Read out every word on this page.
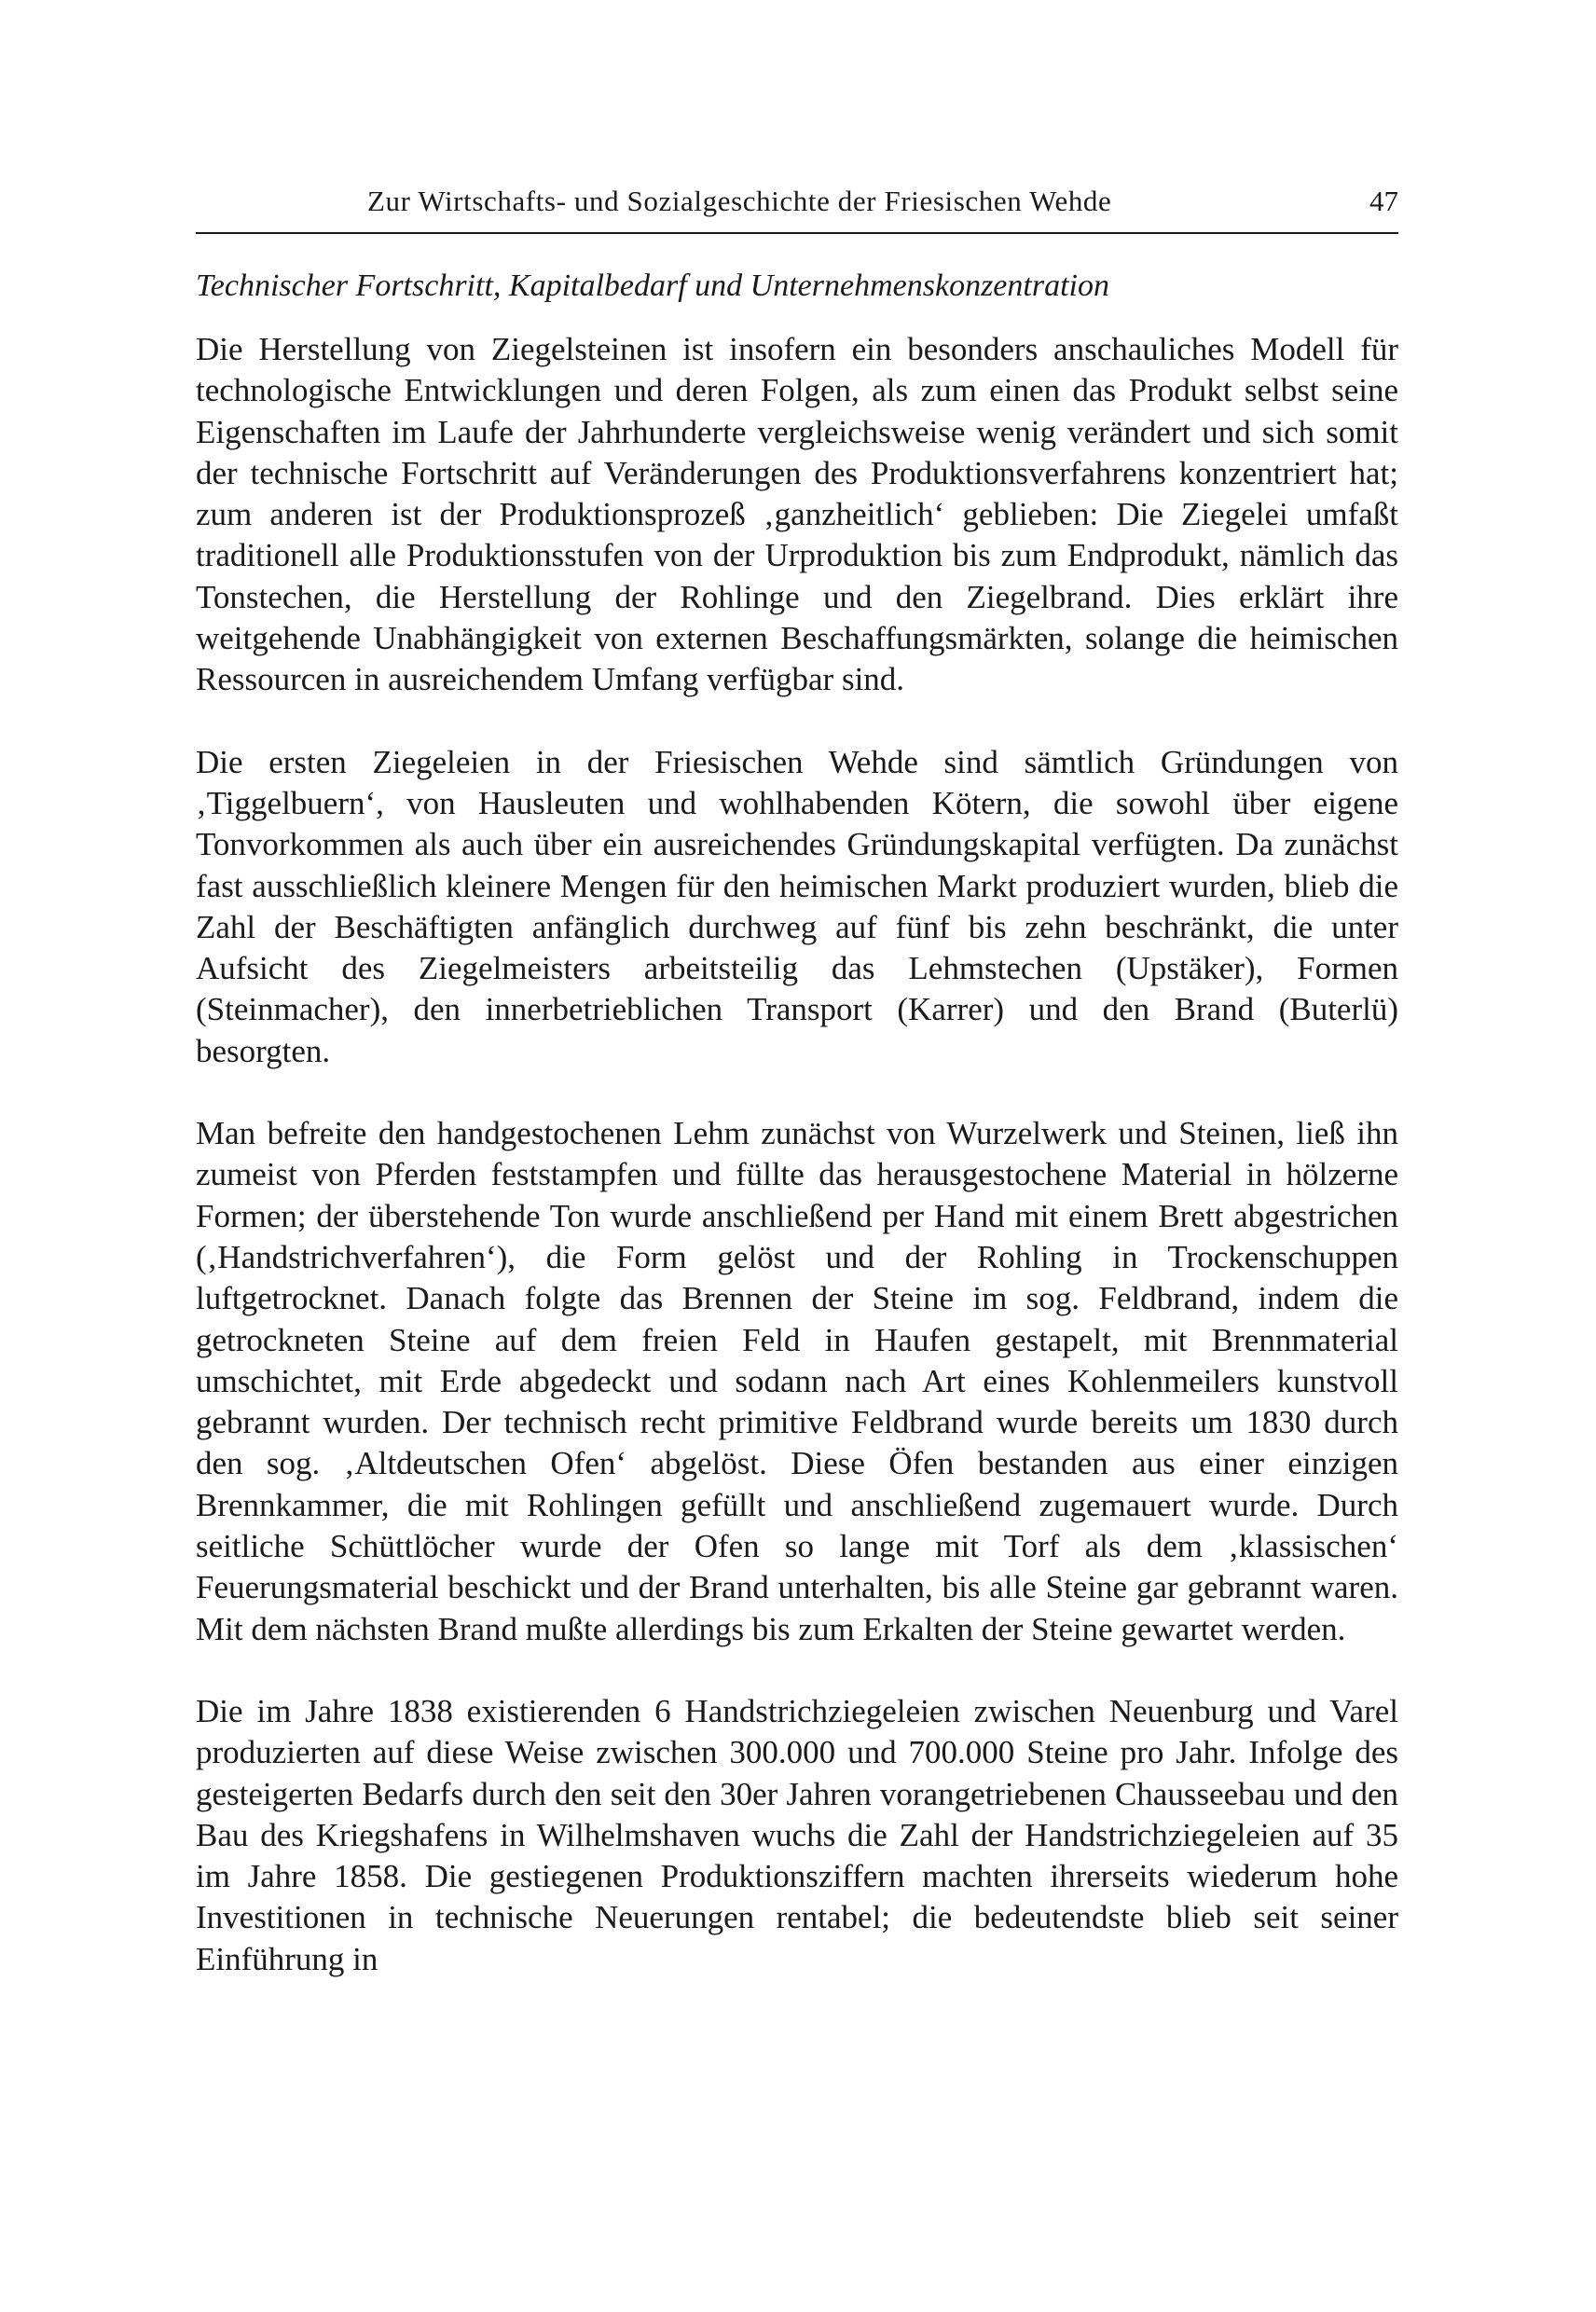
Zur Wirtschafts- und Sozialgeschichte der Friesischen Wehde	47
Technischer Fortschritt, Kapitalbedarf und Unternehmenskonzentration

Die Herstellung von Ziegelsteinen ist insofern ein besonders anschauliches Modell für technologische Entwicklungen und deren Folgen, als zum einen das Produkt selbst seine Eigenschaften im Laufe der Jahrhunderte vergleichsweise wenig verändert und sich somit der technische Fortschritt auf Veränderungen des Produktionsverfahrens konzentriert hat; zum anderen ist der Produktionsprozeß ‚ganzheitlich‘ geblieben: Die Ziegelei umfaßt traditionell alle Produktionsstufen von der Urproduktion bis zum Endprodukt, nämlich das Tonstechen, die Herstellung der Rohlinge und den Ziegelbrand. Dies erklärt ihre weitgehende Unabhängigkeit von externen Beschaffungsmärkten, solange die heimischen Ressourcen in ausreichendem Umfang verfügbar sind.

Die ersten Ziegeleien in der Friesischen Wehde sind sämtlich Gründungen von ‚Tiggelbuern‘, von Hausleuten und wohlhabenden Kötern, die sowohl über eigene Tonvorkommen als auch über ein ausreichendes Gründungskapital verfügten. Da zunächst fast ausschließlich kleinere Mengen für den heimischen Markt produziert wurden, blieb die Zahl der Beschäftigten anfänglich durchweg auf fünf bis zehn beschränkt, die unter Aufsicht des Ziegelmeisters arbeitsteilig das Lehmstechen (Upstäker), Formen (Steinmacher), den innerbetrieblichen Transport (Karrer) und den Brand (Buterlü) besorgten.

Man befreite den handgestochenen Lehm zunächst von Wurzelwerk und Steinen, ließ ihn zumeist von Pferden feststampfen und füllte das herausgestochene Material in hölzerne Formen; der überstehende Ton wurde anschließend per Hand mit einem Brett abgestrichen (‚Handstrichverfahren‘), die Form gelöst und der Rohling in Trockenschuppen luftgetrocknet. Danach folgte das Brennen der Steine im sog. Feldbrand, indem die getrockneten Steine auf dem freien Feld in Haufen gestapelt, mit Brennmaterial umschichtet, mit Erde abgedeckt und sodann nach Art eines Kohlenmeilers kunstvoll gebrannt wurden. Der technisch recht primitive Feldbrand wurde bereits um 1830 durch den sog. ‚Altdeutschen Ofen‘ abgelöst. Diese Öfen bestanden aus einer einzigen Brennkammer, die mit Rohlingen gefüllt und anschließend zugemauert wurde. Durch seitliche Schüttlöcher wurde der Ofen so lange mit Torf als dem ‚klassischen‘ Feuerungsmaterial beschickt und der Brand unterhalten, bis alle Steine gar gebrannt waren. Mit dem nächsten Brand mußte allerdings bis zum Erkalten der Steine gewartet werden.

Die im Jahre 1838 existierenden 6 Handstrichziegeleien zwischen Neuenburg und Varel produzierten auf diese Weise zwischen 300.000 und 700.000 Steine pro Jahr. Infolge des gesteigerten Bedarfs durch den seit den 30er Jahren vorangetriebenen Chausseebau und den Bau des Kriegshafens in Wilhelmshaven wuchs die Zahl der Handstrichziegeleien auf 35 im Jahre 1858. Die gestiegenen Produktionsziffern machten ihrerseits wiederum hohe Investitionen in technische Neuerungen rentabel; die bedeutendste blieb seit seiner Einführung in
